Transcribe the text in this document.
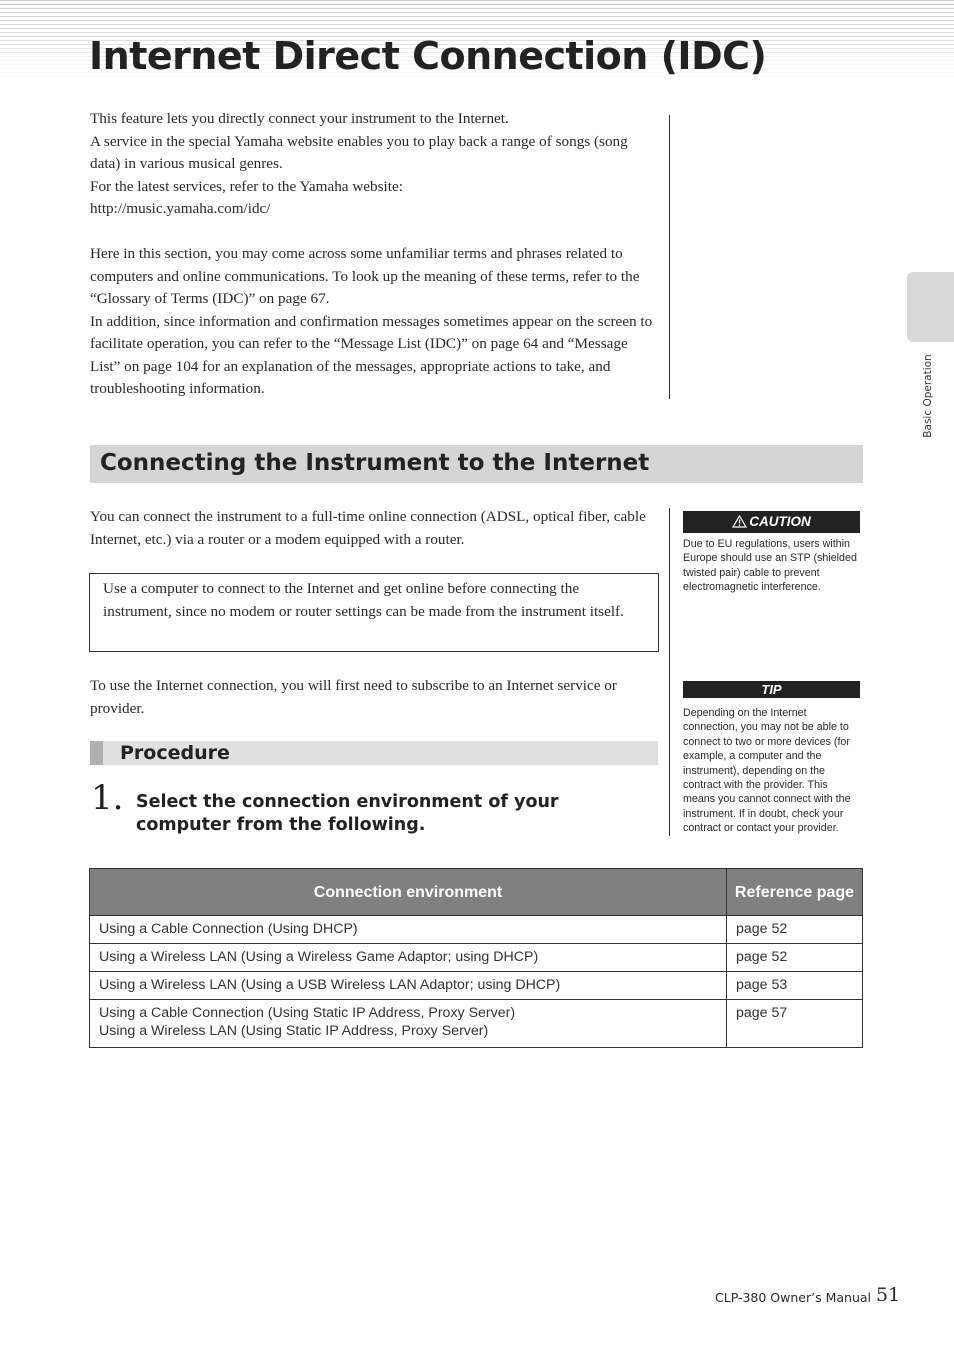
Internet Direct Connection (IDC)

This feature lets you directly connect your instrument to the Internet.

A service in the special Yamaha website enables you to play back a range of songs (song data) in various musical genres.

For the latest services, refer to the Yamaha website:

http://music.yamaha.com/idc/

Here in this section, you may come across some unfamiliar terms and phrases related to computers and online communications. To look up the meaning of these terms, refer to the “Glossary of Terms (IDC)” on page 67.

In addition, since information and confirmation messages sometimes appear on the screen to facilitate operation, you can refer to the “Message List (IDC)” on page 64 and “Message List” on page 104 for an explanation of the messages, appropriate actions to take, and troubleshooting information.	Basic Operation
Connecting the Instrument to the Internet

You can connect the instrument to a full-time online connection (ADSL, optical fiber, cable Internet, etc.) via a router or a modem equipped with a router.

Use a computer to connect to the Internet and get online before connecting the instrument, since no modem or router settings can be made from the instrument itself.

To use the Internet connection, you will first need to subscribe to an Internet service or provider.

Procedure
1. Select the connection environment of your computer from the following.
CAUTION
Due to EU regulations, users within Europe should use an STP (shielded twisted pair) cable to prevent electromagnetic interference.
TIP
Depending on the Internet connection, you may not be able to connect to two or more devices (for example, a computer and the instrument), depending on the contract with the provider. This means you cannot connect with the instrument. If in doubt, check your contract or contact your provider.
Connection environment	Reference page
Using a Cable Connection (Using DHCP)	page 52
Using a Wireless LAN (Using a Wireless Game Adaptor; using DHCP)	page 52
Using a Wireless LAN (Using a USB Wireless LAN Adaptor; using DHCP)	page 53

Using a Cable Connection (Using Static IP Address, Proxy Server)
Using a Wireless LAN (Using Static IP Address, Proxy Server)	page 57
CLP-380 Owner’s Manual 51
